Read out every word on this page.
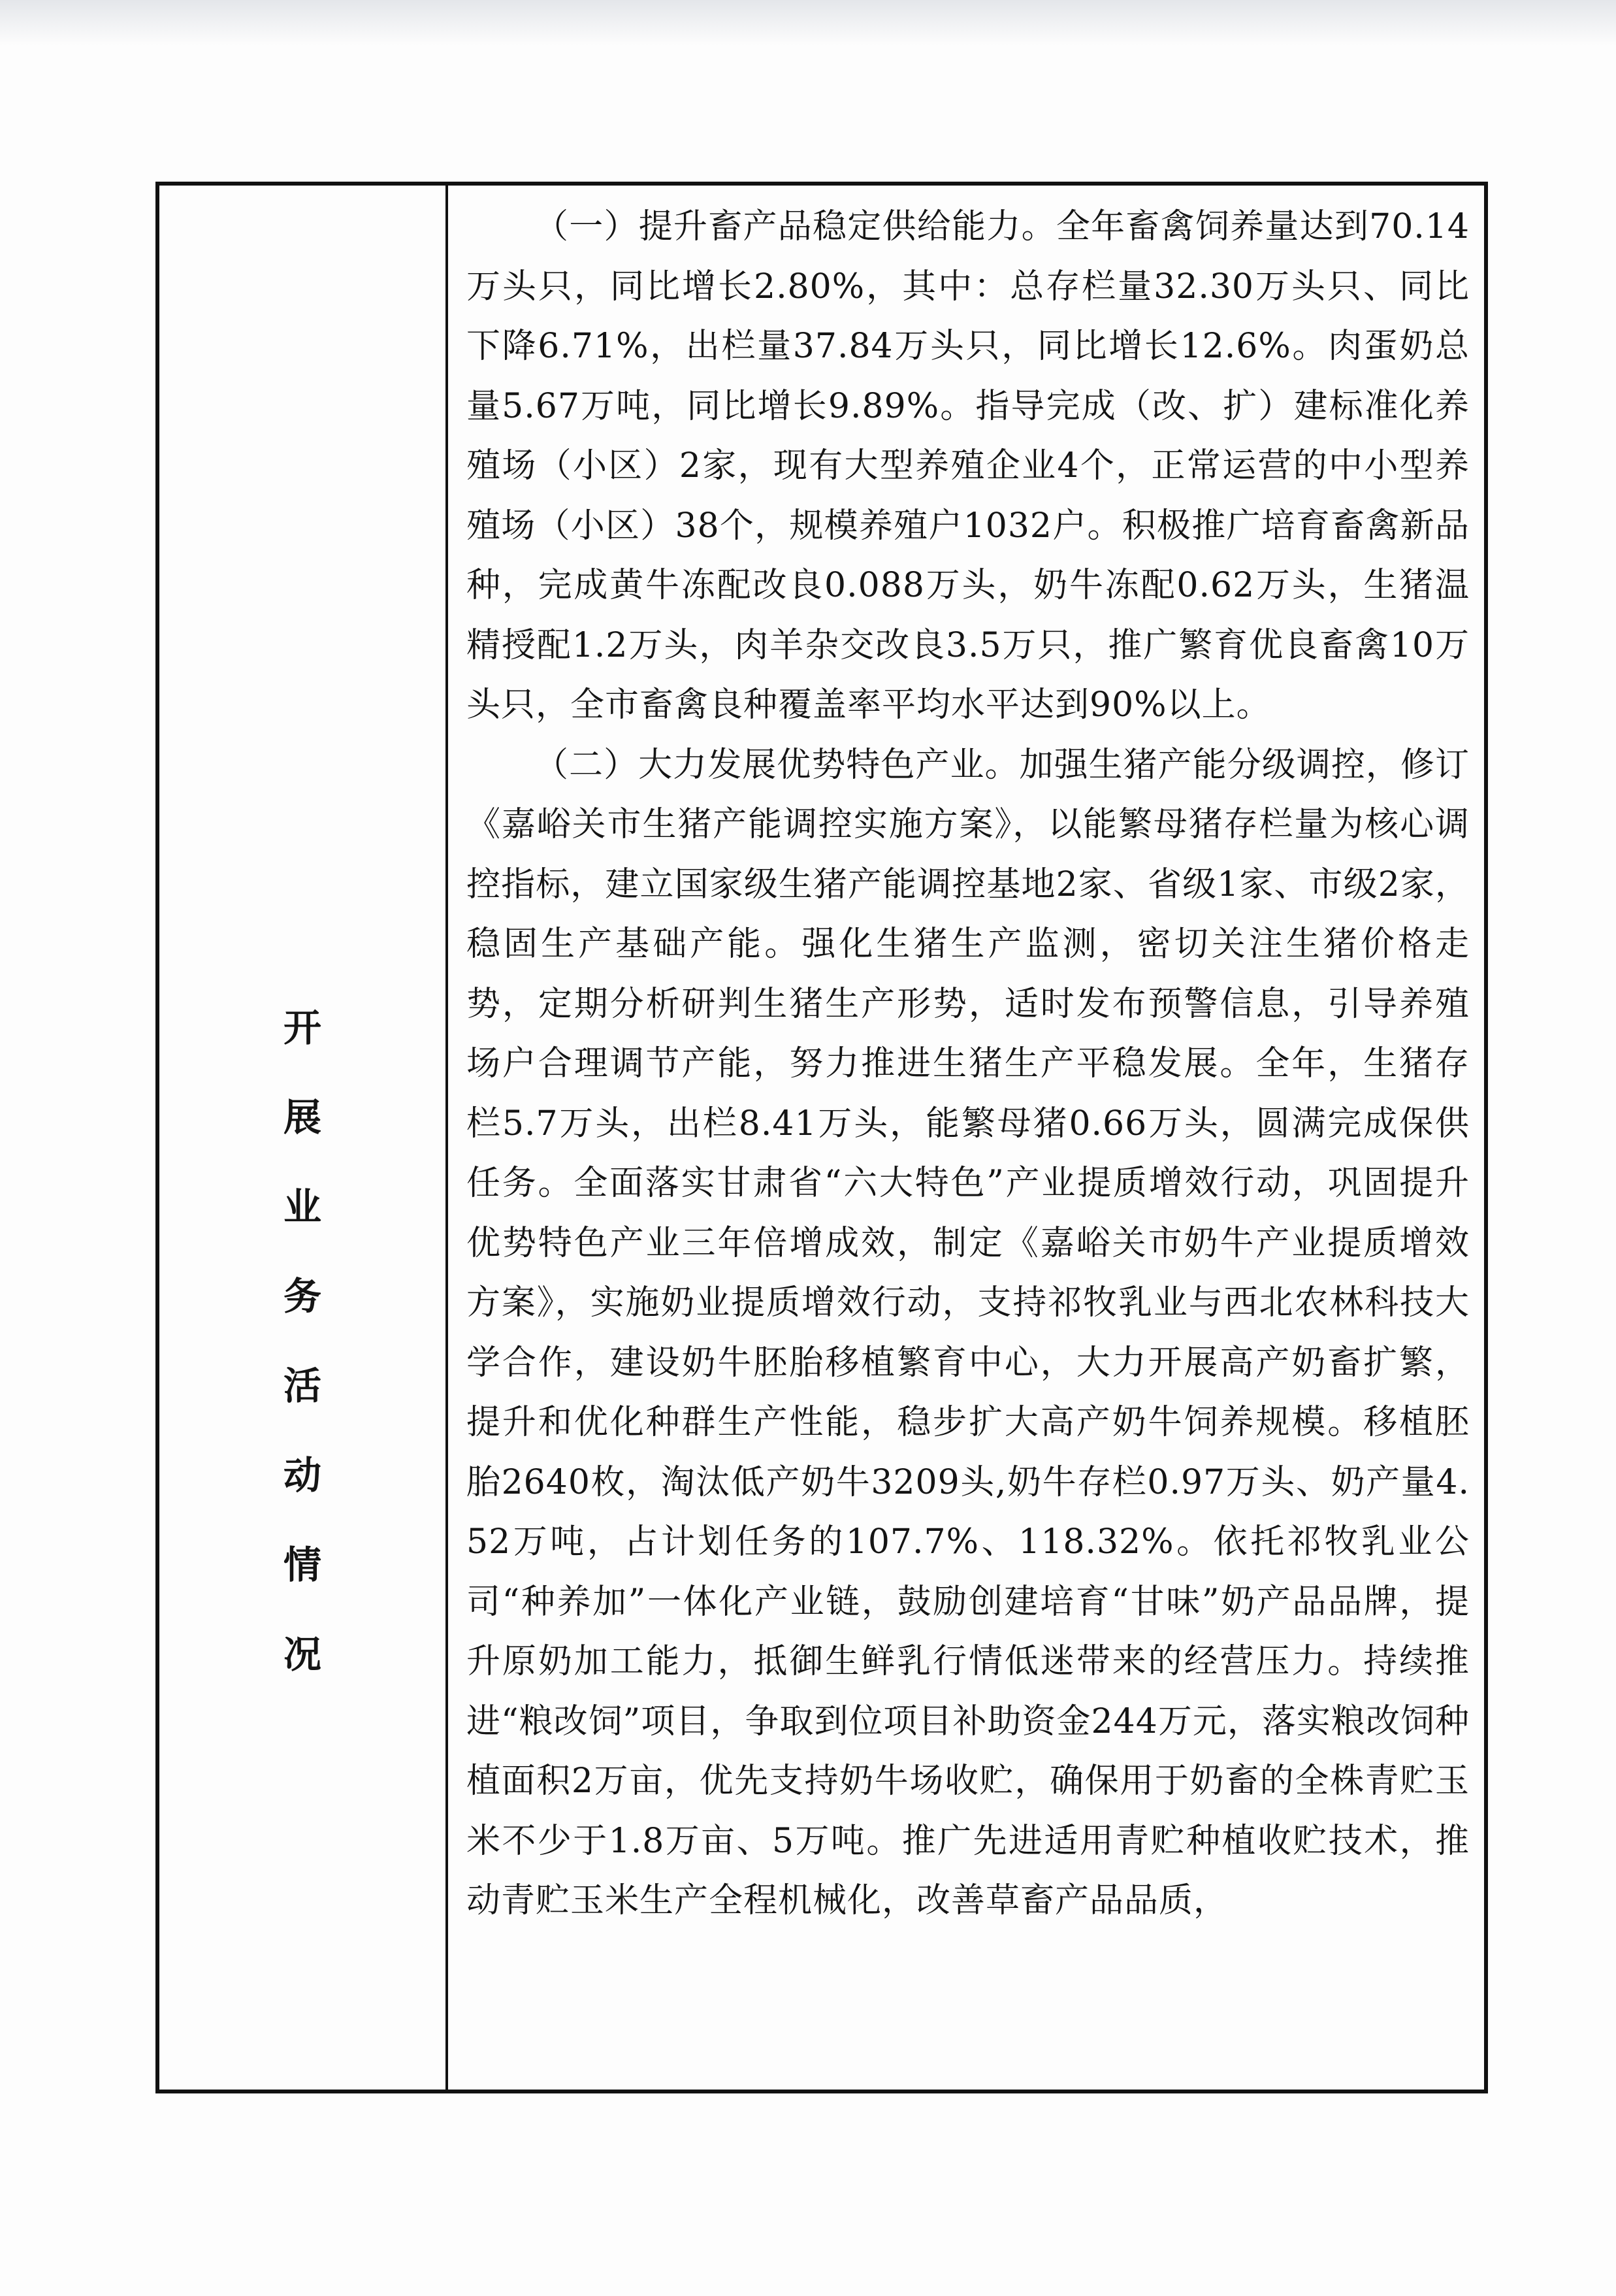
开
展
业
务
活
动
情
况

（一）提升畜产品稳定供给能力。全年畜禽饲养量达到70.14万头只，同比增长2.80%，其中：总存栏量32.30万头只、同比下降6.71%，出栏量37.84万头只，同比增长12.6%。肉蛋奶总量5.67万吨，同比增长9.89%。指导完成（改、扩）建标准化养殖场（小区）2家，现有大型养殖企业4个，正常运营的中小型养殖场（小区）38个，规模养殖户1032户。积极推广培育畜禽新品种，完成黄牛冻配改良0.088万头，奶牛冻配0.62万头，生猪温精授配1.2万头，肉羊杂交改良3.5万只，推广繁育优良畜禽10万头只，全市畜禽良种覆盖率平均水平达到90%以上。

（二）大力发展优势特色产业。加强生猪产能分级调控，修订《嘉峪关市生猪产能调控实施方案》，以能繁母猪存栏量为核心调控指标，建立国家级生猪产能调控基地2家、省级1家、市级2家，稳固生产基础产能。强化生猪生产监测，密切关注生猪价格走势，定期分析研判生猪生产形势，适时发布预警信息，引导养殖场户合理调节产能，努力推进生猪生产平稳发展。全年，生猪存栏5.7万头，出栏8.41万头，能繁母猪0.66万头，圆满完成保供任务。全面落实甘肃省“六大特色”产业提质增效行动，巩固提升优势特色产业三年倍增成效，制定《嘉峪关市奶牛产业提质增效方案》，实施奶业提质增效行动，支持祁牧乳业与西北农林科技大学合作，建设奶牛胚胎移植繁育中心，大力开展高产奶畜扩繁，提升和优化种群生产性能，稳步扩大高产奶牛饲养规模。移植胚胎2640枚，淘汰低产奶牛3209头,奶牛存栏0.97万头、奶产量4.52万吨，占计划任务的107.7%、118.32%。依托祁牧乳业公司“种养加”一体化产业链，鼓励创建培育“甘味”奶产品品牌，提升原奶加工能力，抵御生鲜乳行情低迷带来的经营压力。持续推进“粮改饲”项目，争取到位项目补助资金244万元，落实粮改饲种植面积2万亩，优先支持奶牛场收贮，确保用于奶畜的全株青贮玉米不少于1.8万亩、5万吨。推广先进适用青贮种植收贮技术，推动青贮玉米生产全程机械化，改善草畜产品品质，
